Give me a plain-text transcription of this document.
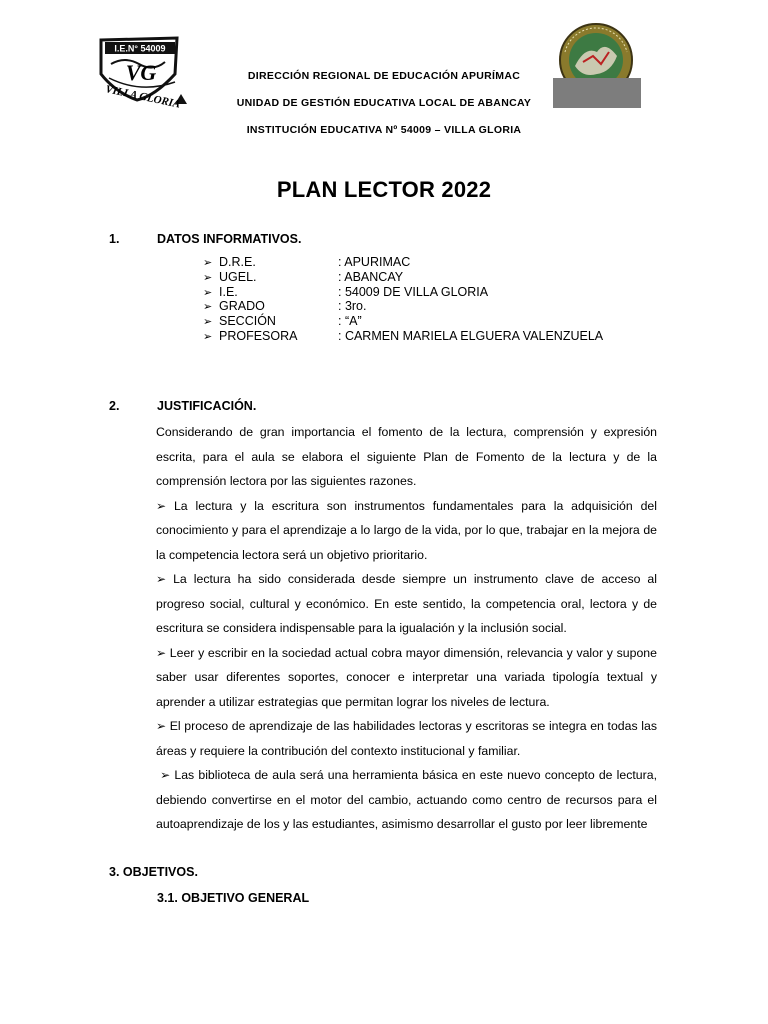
I.E.N° 54009
VG
VILLA GLORIA
DIRECCIÓN REGIONAL DE EDUCACIÓN APURÍMAC
UNIDAD DE GESTIÓN EDUCATIVA LOCAL DE ABANCAY
INSTITUCIÓN EDUCATIVA Nº 54009 – VILLA GLORIA
PLAN LECTOR 2022
1.	DATOS INFORMATIVOS.
➢ D.R.E.	: APURIMAC
➢ UGEL.	: ABANCAY
➢ I.E.	: 54009 DE VILLA GLORIA
➢ GRADO	: 3ro.
➢ SECCIÓN	: “A”
➢ PROFESORA	: CARMEN MARIELA ELGUERA VALENZUELA
2.	JUSTIFICACIÓN.

Considerando de gran importancia el fomento de la lectura, comprensión y expresión escrita, para el aula se elabora el siguiente Plan de Fomento de la lectura y de la comprensión lectora por las siguientes razones.

➢ La lectura y la escritura son instrumentos fundamentales para la adquisición del conocimiento y para el aprendizaje a lo largo de la vida, por lo que, trabajar en la mejora de la competencia lectora será un objetivo prioritario.

➢ La lectura ha sido considerada desde siempre un instrumento clave de acceso al progreso social, cultural y económico. En este sentido, la competencia oral, lectora y de escritura se considera indispensable para la igualación y la inclusión social.

➢ Leer y escribir en la sociedad actual cobra mayor dimensión, relevancia y valor y supone saber usar diferentes soportes, conocer e interpretar una variada tipología textual y aprender a utilizar estrategias que permitan lograr los niveles de lectura.

➢ El proceso de aprendizaje de las habilidades lectoras y escritoras se integra en todas las áreas y requiere la contribución del contexto institucional y familiar.

➢ Las biblioteca de aula será una herramienta básica en este nuevo concepto de lectura, debiendo convertirse en el motor del cambio, actuando como centro de recursos para el autoaprendizaje de los y las estudiantes, asimismo desarrollar el gusto por leer libremente

3. OBJETIVOS.
3.1. OBJETIVO GENERAL
